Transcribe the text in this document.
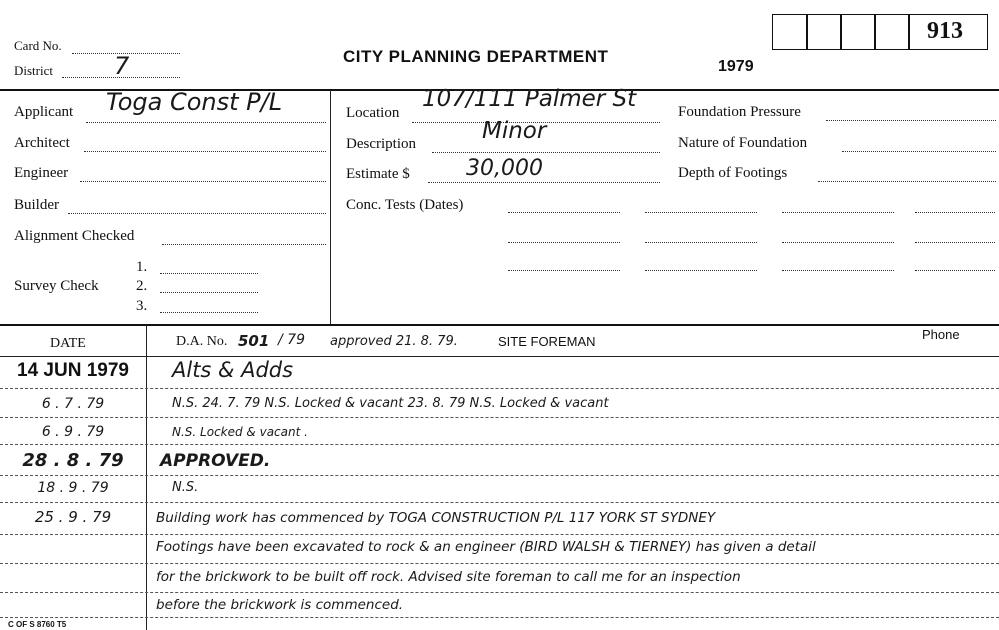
Card No.
District	7	CITY PLANNING DEPARTMENT
1979
913
Applicant Toga Const P/L
Architect
Engineer
Builder
Alignment Checked
Survey Check
1.
2.
3.
Location
107/111 Palmer St
Description	Minor
Estimate $	30,000
Conc. Tests (Dates)
Foundation Pressure
Nature of Foundation
Depth of Footings
DATE	D.A. No. 501 / 79 approved 21. 8. 79.	SITE FOREMAN	Phone
14 JUN 1979	Alts & Adds
6 . 7 . 79	N.S. 24. 7. 79 N.S. Locked & vacant 23. 8. 79 N.S. Locked & vacant
6 . 9 . 79	N.S. Locked & vacant .
28 . 8 . 79	APPROVED.
18 . 9 . 79	N.S.
25 . 9 . 79	Building work has commenced by TOGA CONSTRUCTION P/L 117 YORK ST SYDNEY
Footings have been excavated to rock & an engineer (BIRD WALSH & TIERNEY) has given a detail
for the brickwork to be built off rock. Advised site foreman to call me for an inspection
before the brickwork is commenced.
C OF S 8760 T5
